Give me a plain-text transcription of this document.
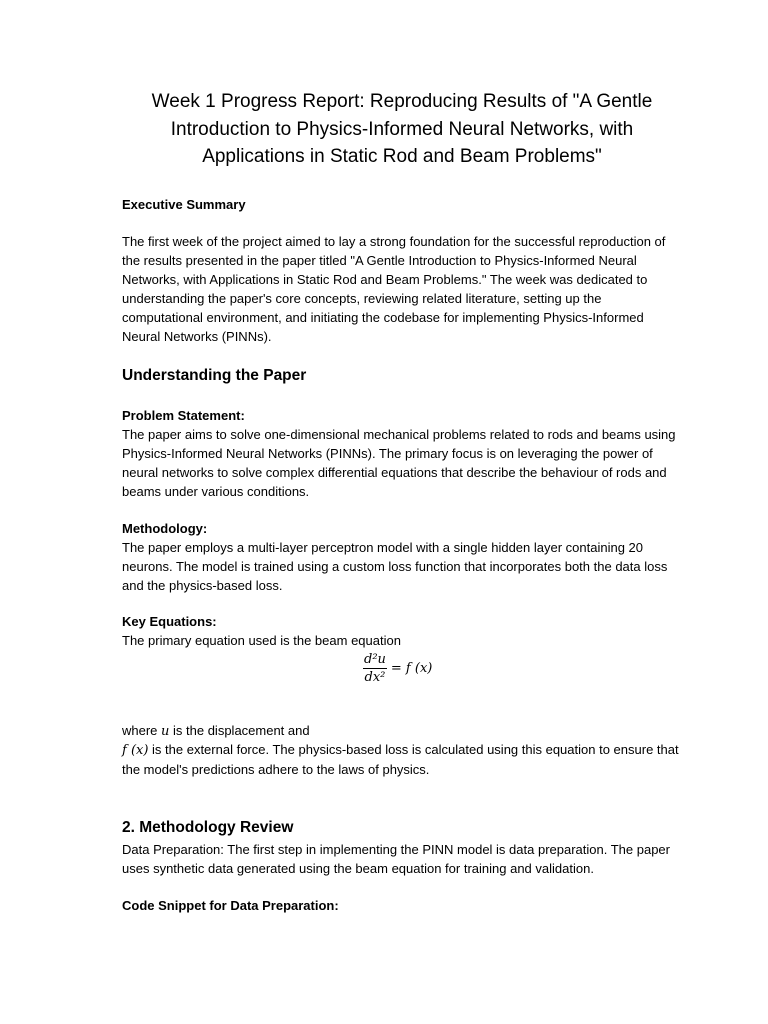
Week 1 Progress Report: Reproducing Results of "A Gentle
Introduction to Physics-Informed Neural Networks, with
Applications in Static Rod and Beam Problems"

Executive Summary

The first week of the project aimed to lay a strong foundation for the successful reproduction of
the results presented in the paper titled "A Gentle Introduction to Physics-Informed Neural
Networks, with Applications in Static Rod and Beam Problems." The week was dedicated to
understanding the paper's core concepts, reviewing related literature, setting up the
computational environment, and initiating the codebase for implementing Physics-Informed
Neural Networks (PINNs).

Understanding the Paper

Problem Statement:

The paper aims to solve one-dimensional mechanical problems related to rods and beams using
Physics-Informed Neural Networks (PINNs). The primary focus is on leveraging the power of
neural networks to solve complex differential equations that describe the behaviour of rods and
beams under various conditions.

Methodology:

The paper employs a multi-layer perceptron model with a single hidden layer containing 20
neurons. The model is trained using a custom loss function that incorporates both the data loss
and the physics-based loss.

Key Equations:

The primary equation used is the beam equation

$\frac{\text{d²u}}{\text{dx²}} = f$ (x)

where u is the displacement and

f (x) is the external force. The physics-based loss is calculated using this equation to ensure that
the model's predictions adhere to the laws of physics.

2. Methodology Review

Data Preparation: The first step in implementing the PINN model is data preparation. The paper
uses synthetic data generated using the beam equation for training and validation.

Code Snippet for Data Preparation:
